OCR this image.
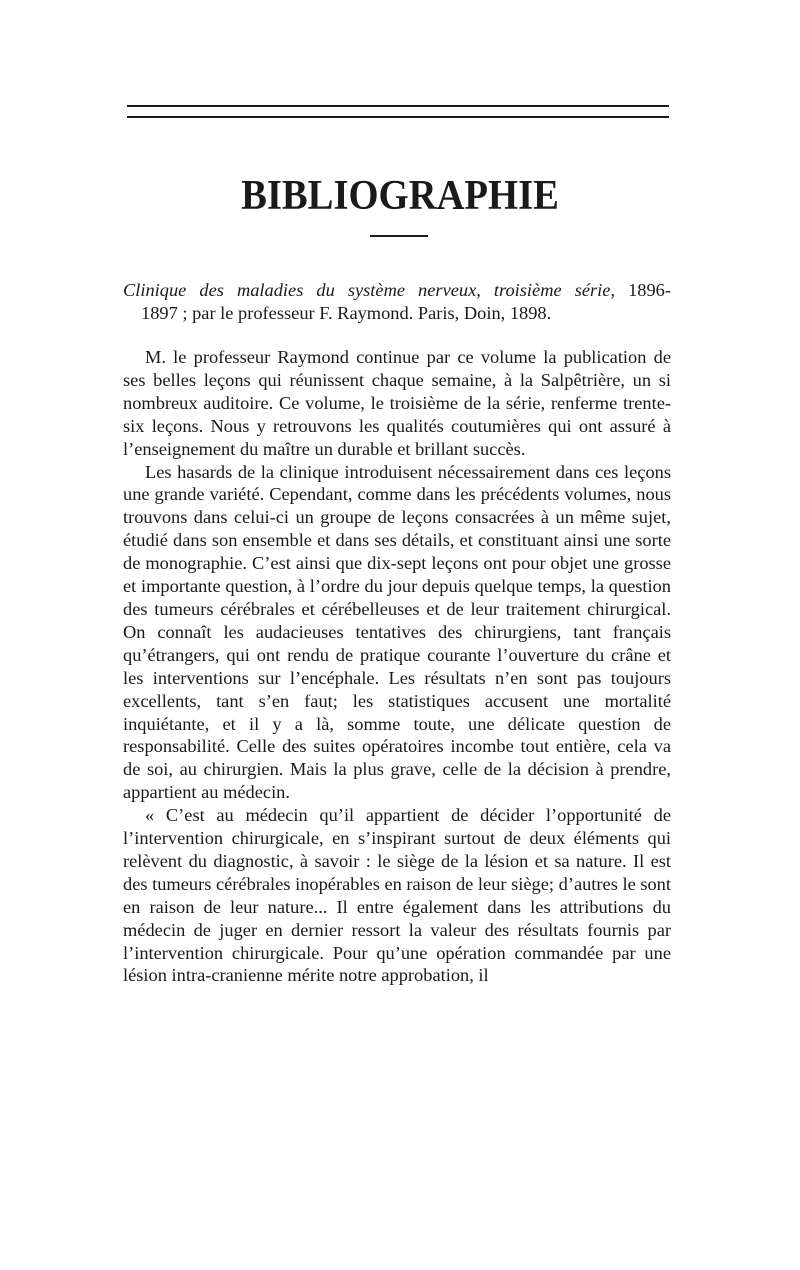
BIBLIOGRAPHIE
Clinique des maladies du système nerveux, troisième série, 1896-
1897 ; par le professeur F. Raymond. Paris, Doin, 1898.

M. le professeur Raymond continue par ce volume la publication de ses belles leçons qui réunissent chaque semaine, à la Salpêtrière, un si nombreux auditoire. Ce volume, le troisième de la série, renferme trente-six leçons. Nous y retrouvons les qualités coutumières qui ont assuré à l’enseignement du maître un durable et brillant succès.

Les hasards de la clinique introduisent nécessairement dans ces leçons une grande variété. Cependant, comme dans les précédents volumes, nous trouvons dans celui-ci un groupe de leçons consacrées à un même sujet, étudié dans son ensemble et dans ses détails, et constituant ainsi une sorte de monographie. C’est ainsi que dix-sept leçons ont pour objet une grosse et importante question, à l’ordre du jour depuis quelque temps, la question des tumeurs cérébrales et cérébelleuses et de leur traitement chirurgical. On connaît les audacieuses tentatives des chirurgiens, tant français qu’étrangers, qui ont rendu de pratique courante l’ouverture du crâne et les interventions sur l’encéphale. Les résultats n’en sont pas toujours excellents, tant s’en faut; les statistiques accusent une mortalité inquiétante, et il y a là, somme toute, une délicate question de responsabilité. Celle des suites opératoires incombe tout entière, cela va de soi, au chirurgien. Mais la plus grave, celle de la décision à prendre, appartient au médecin.

« C’est au médecin qu’il appartient de décider l’opportunité de l’intervention chirurgicale, en s’inspirant surtout de deux éléments qui relèvent du diagnostic, à savoir : le siège de la lésion et sa nature. Il est des tumeurs cérébrales inopérables en raison de leur siège; d’autres le sont en raison de leur nature... Il entre également dans les attributions du médecin de juger en dernier ressort la valeur des résultats fournis par l’intervention chirurgicale. Pour qu’une opération commandée par une lésion intra-cranienne mérite notre approbation, il
